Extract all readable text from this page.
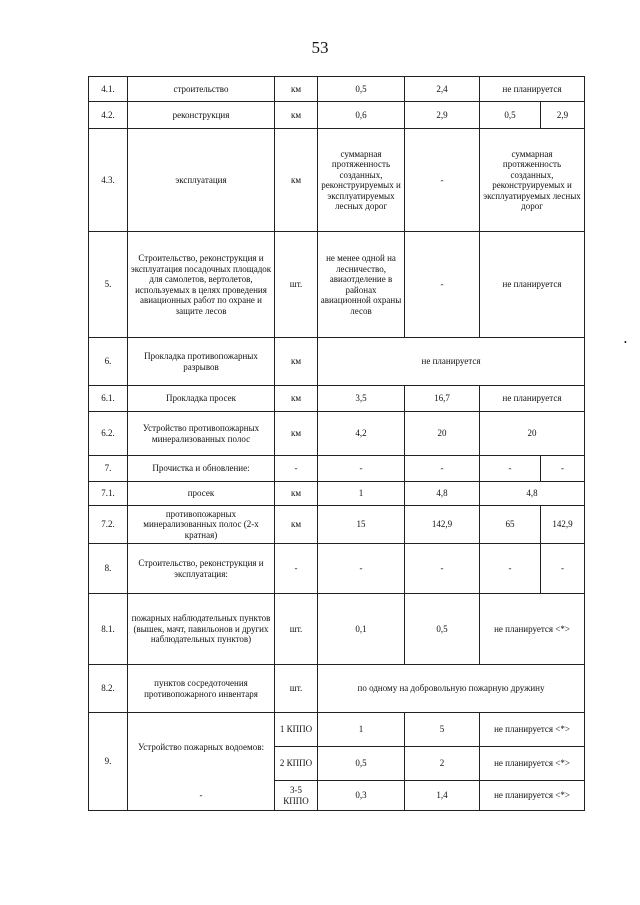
53
4.1.	строительство	км	0,5	2,4	не планируется	
4.2.	реконструкция	км	0,6	2,9	0,5	2,9
4.3.	эксплуатация	км	суммарная протяженность созданных, реконструируемых и эксплуатируемых лесных дорог	-	суммарная протяженность созданных, реконструируемых и эксплуатируемых лесных дорог	
5.	Строительство, реконструкция и эксплуатация посадочных площадок для самолетов, вертолетов, используемых в целях проведения авиационных работ по охране и защите лесов	шт.	не менее одной на лесничество, авиаотделение в районах авиационной охраны лесов	-	не планируется	
6.	Прокладка противопожарных разрывов	км	не планируется			
6.1.	Прокладка просек	км	3,5	16,7	не планируется	
6.2.	Устройство противопожарных минерализованных полос	км	4,2	20	20	
7.	Прочистка и обновление:	-	-	-	-	-
7.1.	просек	км	1	4,8	4,8	
7.2.	противопожарных минерализованных полос (2-х кратная)	км	15	142,9	65	142,9
8.	Строительство, реконструкция и эксплуатация:	-	-	-	-	-
8.1.	пожарных наблюдательных пунктов (вышек, мачт, павильонов и других наблюдательных пунктов)	шт.	0,1	0,5	не планируется <*>	
8.2.	пунктов сосредоточения противопожарного инвентаря	шт.	по одному на добровольную пожарную дружину			
9.	Устройство пожарных водоемов:	1 КППО	1	5	не планируется <*>	
		2 КППО	0,5	2	не планируется <*>	
	-	3-5 КППО	0,3	1,4	не планируется <*>	
•
